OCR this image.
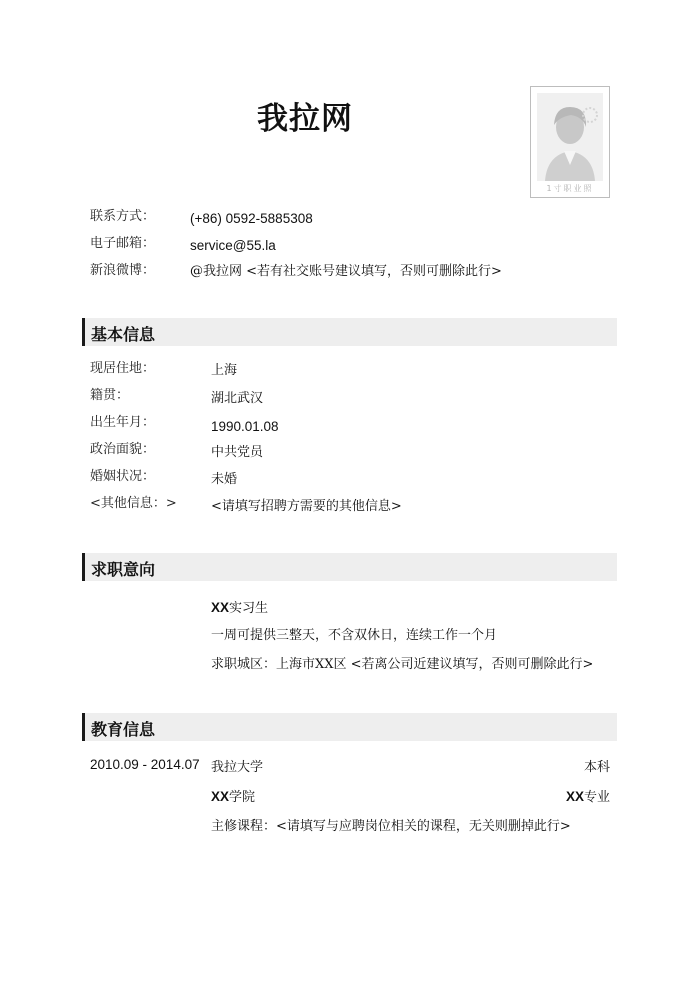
我拉网
1寸职业照
联系方式：	(+86) 0592-5885308
电子邮箱：	service@55.la
新浪微博：	@我拉网 <若有社交账号建议填写，否则可删除此行>
基本信息
现居住地：	上海
籍贯：	湖北武汉
出生年月：	1990.01.08
政治面貌：	中共党员
婚姻状况：	未婚
<其他信息：>	<请填写招聘方需要的其他信息>
求职意向
XX实习生
一周可提供三整天，不含双休日，连续工作一个月
求职城区：上海市XX区 <若离公司近建议填写，否则可删除此行>
教育信息
2010.09 - 2014.07 我拉大学	本科
XX学院	XX专业
主修课程：<请填写与应聘岗位相关的课程，无关则删掉此行>
